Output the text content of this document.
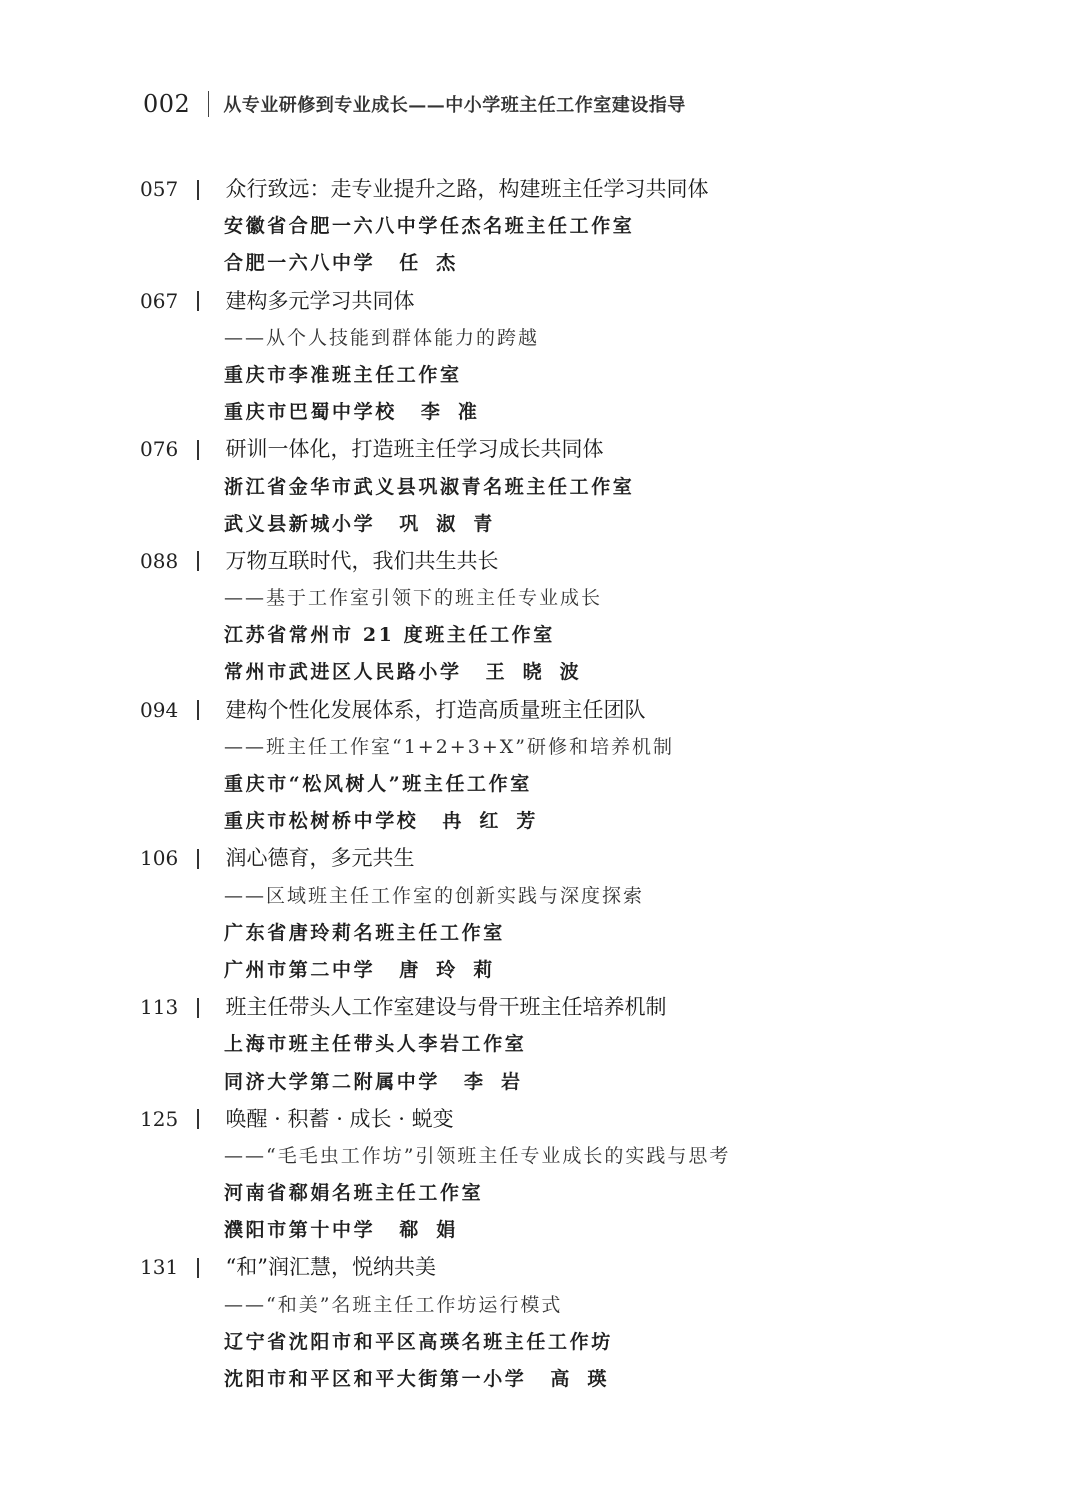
002 从专业研修到专业成长——中小学班主任工作室建设指导
057	众行致远：走专业提升之路，构建班主任学习共同体
安徽省合肥一六八中学任杰名班主任工作室
合肥一六八中学 任杰
067	建构多元学习共同体
——从个人技能到群体能力的跨越
重庆市李准班主任工作室
重庆市巴蜀中学校 李准
076	研训一体化，打造班主任学习成长共同体
浙江省金华市武义县巩淑青名班主任工作室
武义县新城小学 巩淑青
088	万物互联时代，我们共生共长
——基于工作室引领下的班主任专业成长
江苏省常州市 21 度班主任工作室
常州市武进区人民路小学 王晓波
094	建构个性化发展体系，打造高质量班主任团队
——班主任工作室“1+2+3+X”研修和培养机制
重庆市“松风树人”班主任工作室
重庆市松树桥中学校 冉红芳
106	润心德育，多元共生
——区域班主任工作室的创新实践与深度探索
广东省唐玲莉名班主任工作室
广州市第二中学 唐玲莉
113	班主任带头人工作室建设与骨干班主任培养机制
上海市班主任带头人李岩工作室
同济大学第二附属中学 李岩
125	唤醒 · 积蓄 · 成长 · 蜕变
——“毛毛虫工作坊”引领班主任专业成长的实践与思考
河南省郗娟名班主任工作室
濮阳市第十中学 郗娟
131	“和”润汇慧，悦纳共美
——“和美”名班主任工作坊运行模式
辽宁省沈阳市和平区高瑛名班主任工作坊
沈阳市和平区和平大街第一小学 高瑛
